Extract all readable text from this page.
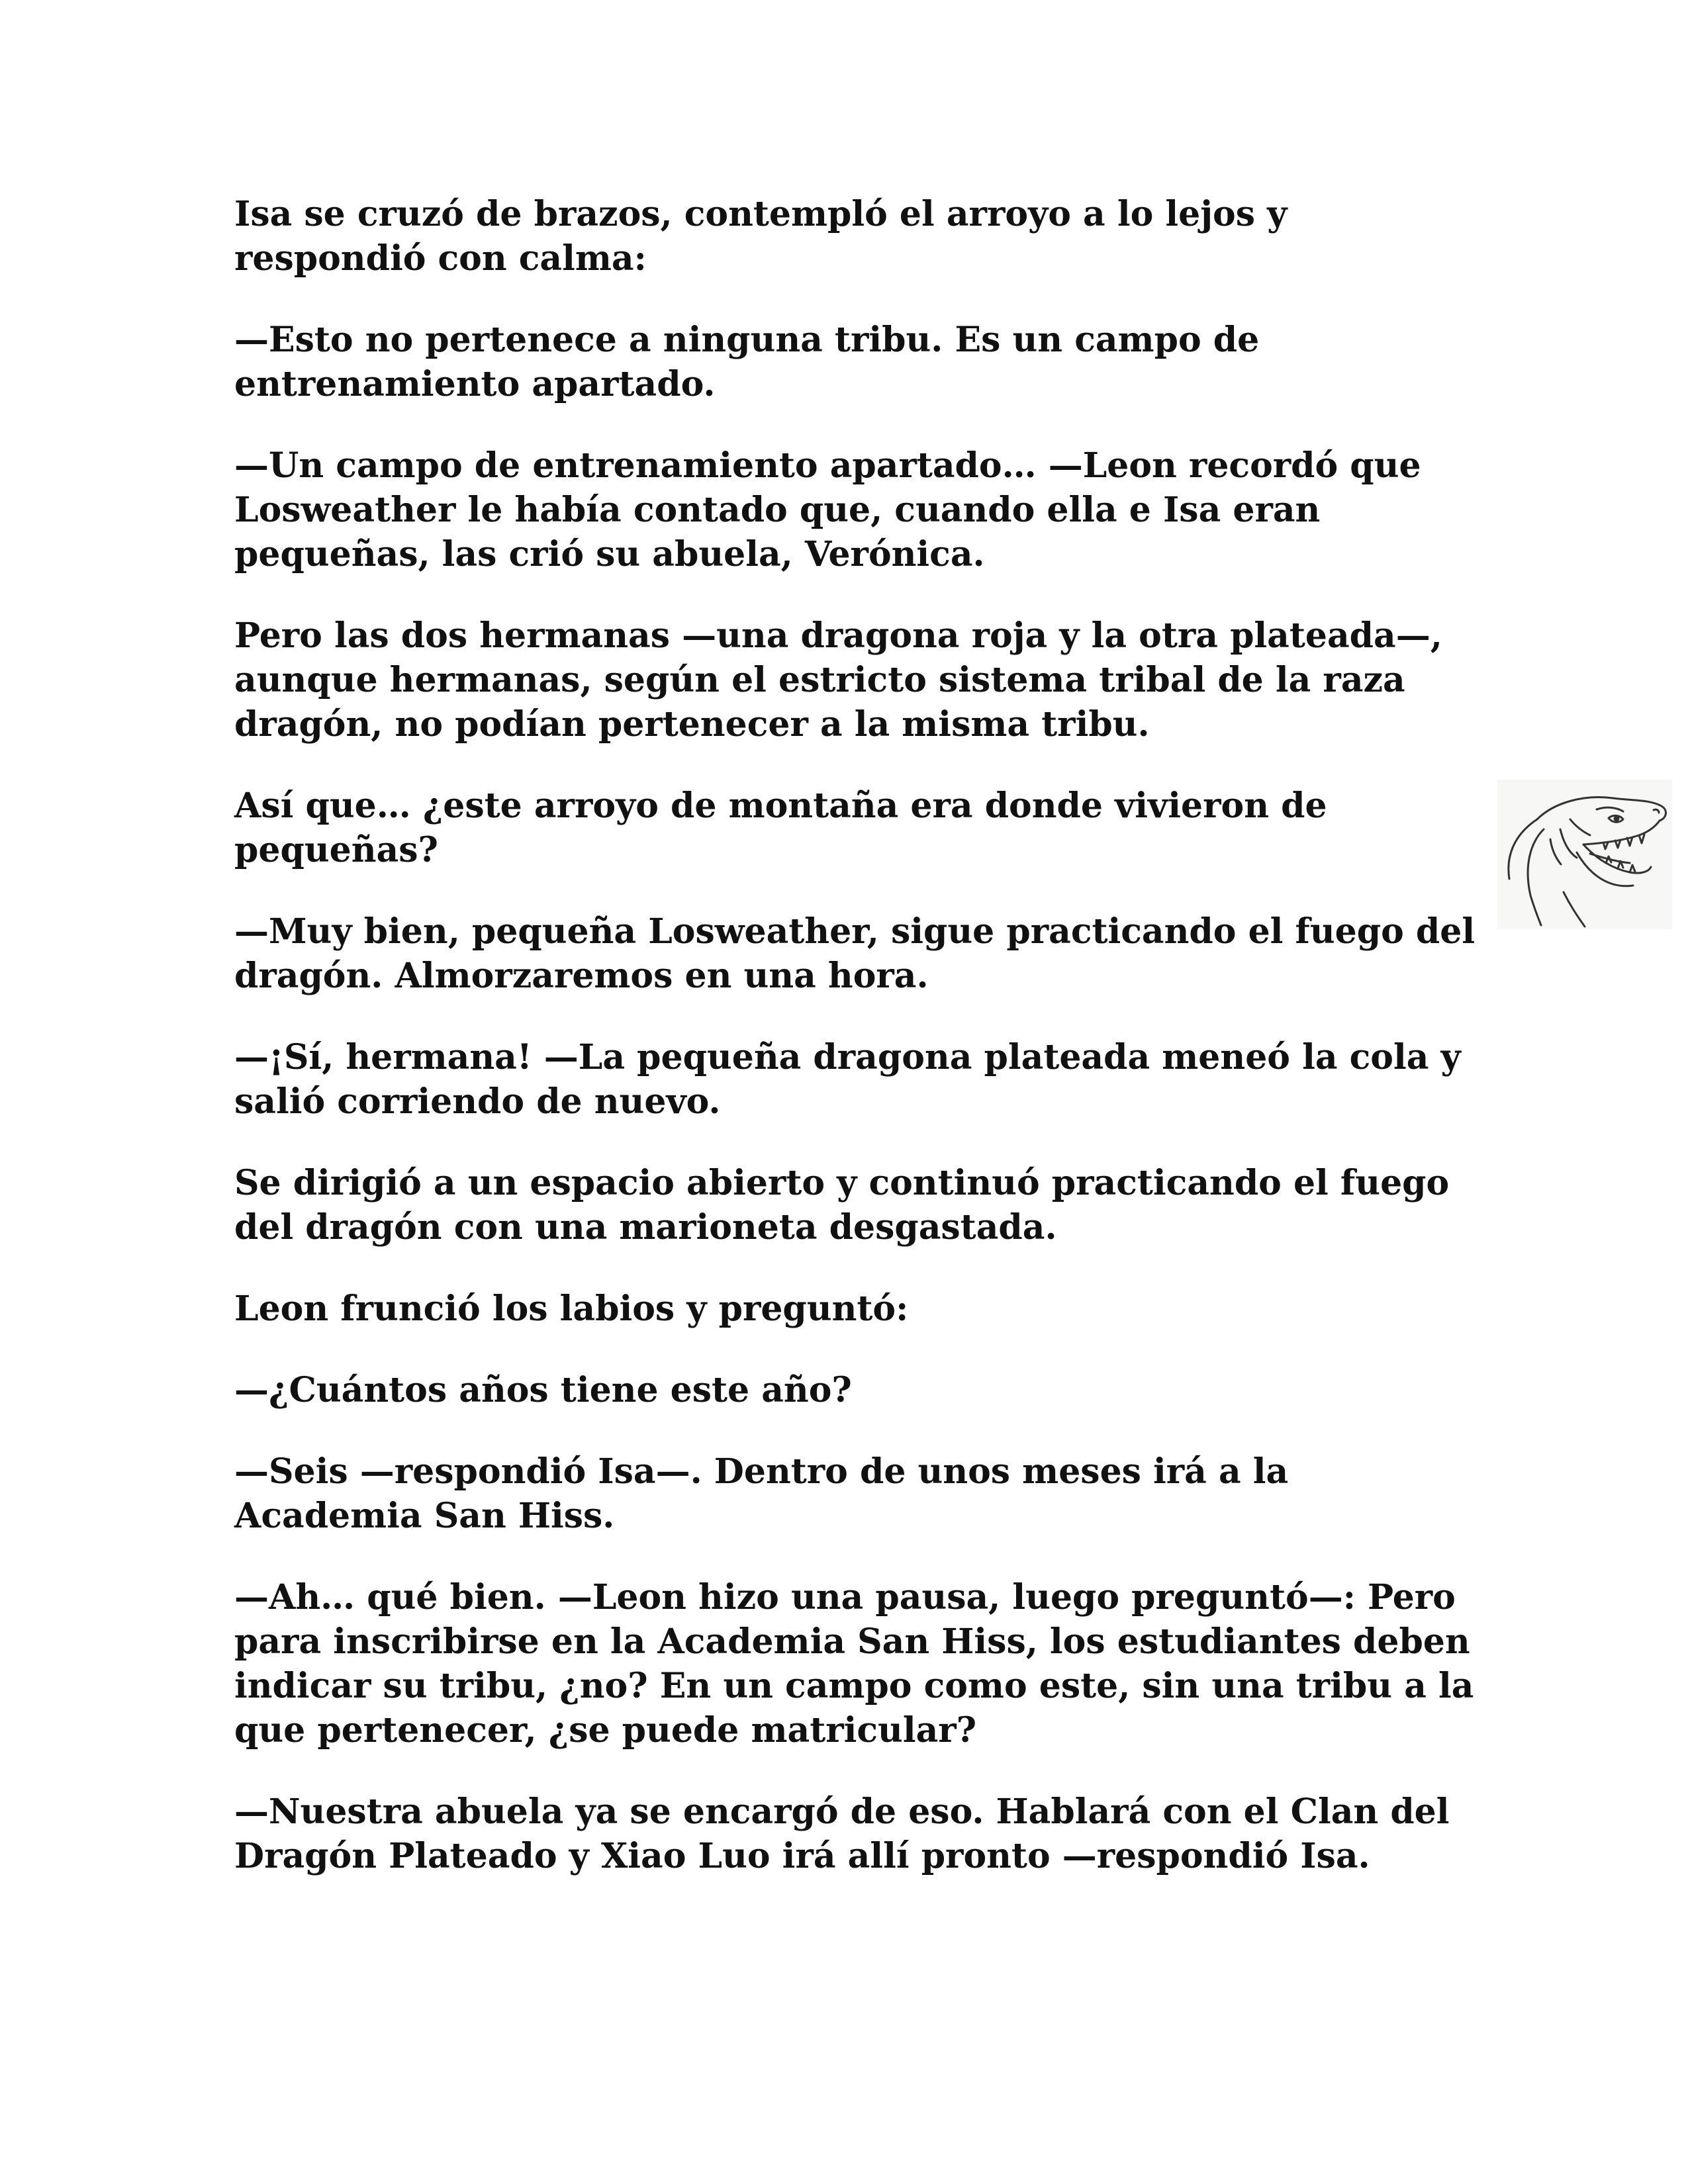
Isa se cruzó de brazos, contempló el arroyo a lo lejos y respondió con calma:

—Esto no pertenece a ninguna tribu. Es un campo de entrenamiento apartado.

—Un campo de entrenamiento apartado… —Leon recordó que Losweather le había contado que, cuando ella e Isa eran pequeñas, las crió su abuela, Verónica.

Pero las dos hermanas —una dragona roja y la otra plateada—, aunque hermanas, según el estricto sistema tribal de la raza dragón, no podían pertenecer a la misma tribu.

Así que… ¿este arroyo de montaña era donde vivieron de pequeñas?

—Muy bien, pequeña Losweather, sigue practicando el fuego del dragón. Almorzaremos en una hora.

—¡Sí, hermana! —La pequeña dragona plateada meneó la cola y salió corriendo de nuevo.

Se dirigió a un espacio abierto y continuó practicando el fuego del dragón con una marioneta desgastada.

Leon frunció los labios y preguntó:

—¿Cuántos años tiene este año?

—Seis —respondió Isa—. Dentro de unos meses irá a la Academia San Hiss.

—Ah… qué bien. —Leon hizo una pausa, luego preguntó—: Pero para inscribirse en la Academia San Hiss, los estudiantes deben indicar su tribu, ¿no? En un campo como este, sin una tribu a la que pertenecer, ¿se puede matricular?

—Nuestra abuela ya se encargó de eso. Hablará con el Clan del Dragón Plateado y Xiao Luo irá allí pronto —respondió Isa.
